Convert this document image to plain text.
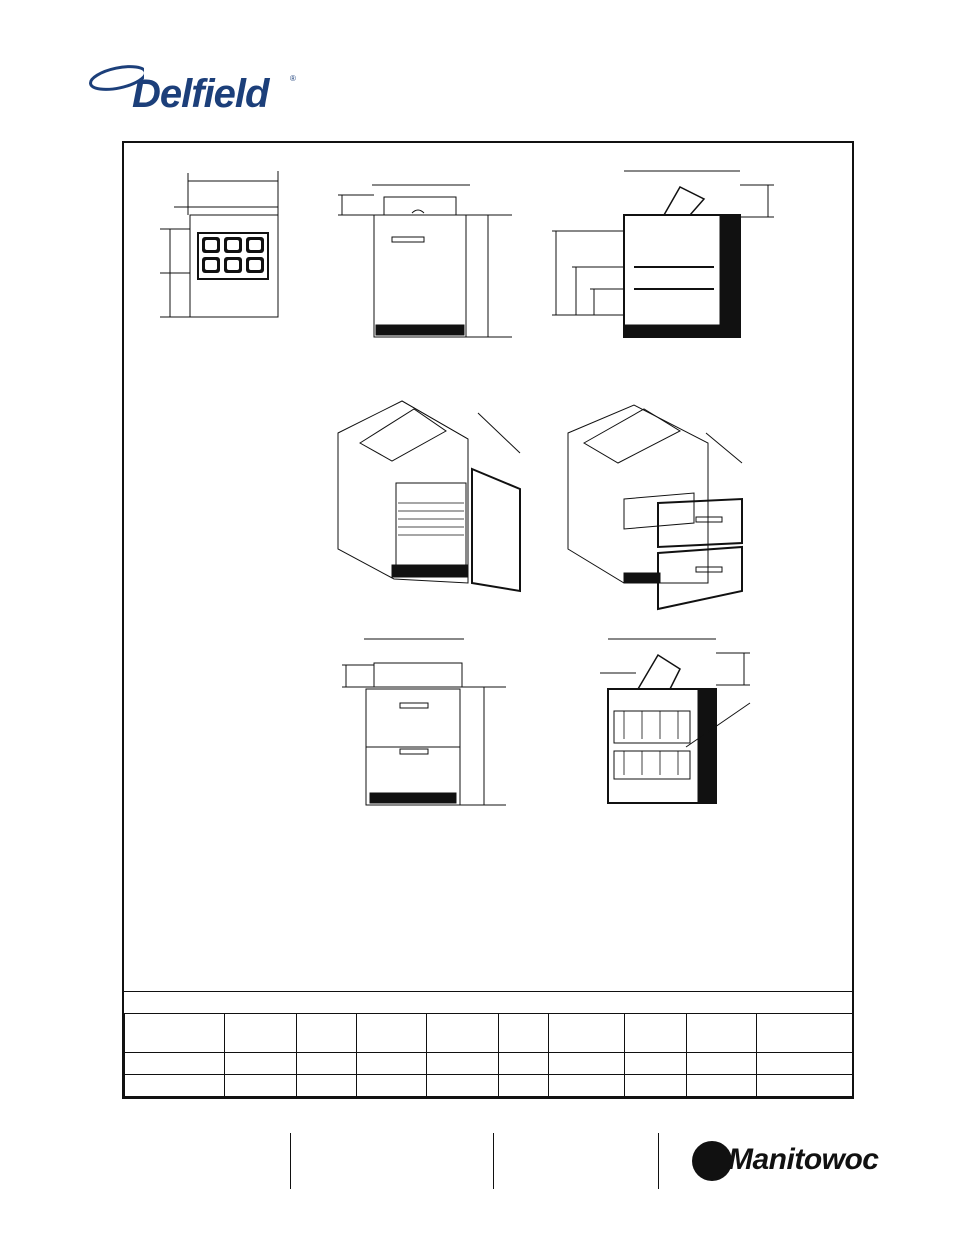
Delfield	®

Manitowoc
